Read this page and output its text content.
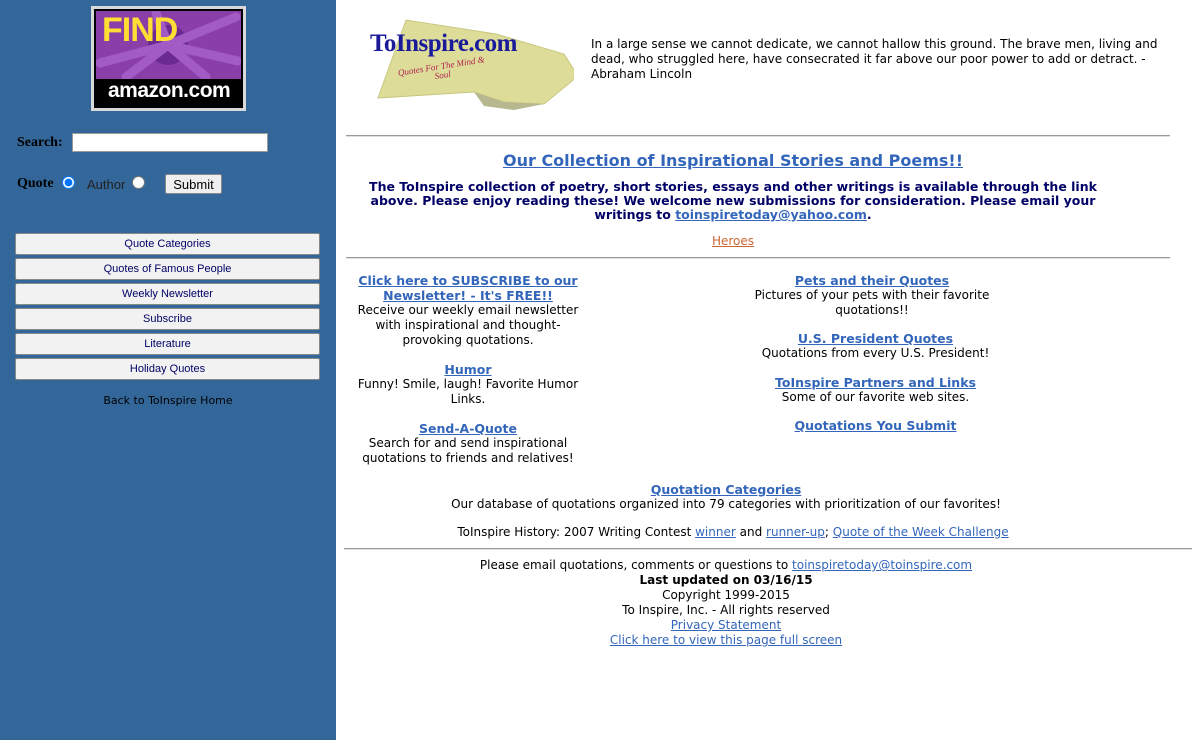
FIND
amazon.com
Search:
Quote	Author	Submit
Quote Categories
Quotes of Famous People
Weekly Newsletter
Subscribe
Literature
Holiday Quotes
Back to ToInspire Home
ToInspire.com
Quotes For The Mind & Soul
In a large sense we cannot dedicate, we cannot hallow this ground. The brave men, living and dead, who struggled here, have consecrated it far above our poor power to add or detract. - Abraham Lincoln
Our Collection of Inspirational Stories and Poems!!
The ToInspire collection of poetry, short stories, essays and other writings is available through the link above. Please enjoy reading these! We welcome new submissions for consideration. Please email your writings to toinspiretoday@yahoo.com.
Heroes
Click here to SUBSCRIBE to our Newsletter! - It's FREE!!
Receive our weekly email newsletter with inspirational and thought-provoking quotations.
Humor
Funny! Smile, laugh! Favorite Humor Links.
Send-A-Quote
Search for and send inspirational quotations to friends and relatives!
Pets and their Quotes
Pictures of your pets with their favorite quotations!!
U.S. President Quotes
Quotations from every U.S. President!
ToInspire Partners and Links
Some of our favorite web sites.
Quotations You Submit
Quotation Categories
Our database of quotations organized into 79 categories with prioritization of our favorites!
ToInspire History: 2007 Writing Contest winner and runner-up; Quote of the Week Challenge
Please email quotations, comments or questions to toinspiretoday@toinspire.com
Last updated on 03/16/15
Copyright 1999-2015
To Inspire, Inc. - All rights reserved
Privacy Statement
Click here to view this page full screen
